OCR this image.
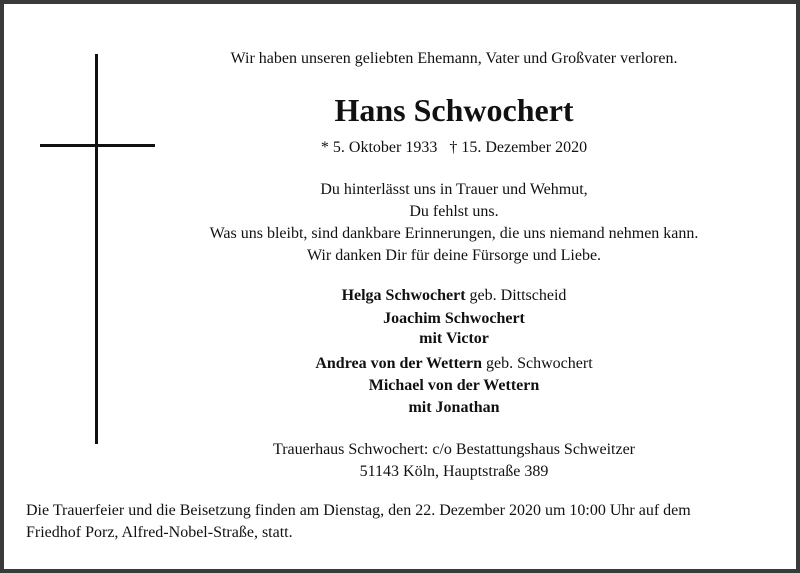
Wir haben unseren geliebten Ehemann, Vater und Großvater verloren.
Hans Schwochert
* 5. Oktober 1933 † 15. Dezember 2020
Du hinterlässt uns in Trauer und Wehmut,
Du fehlst uns.
Was uns bleibt, sind dankbare Erinnerungen, die uns niemand nehmen kann.
Wir danken Dir für deine Fürsorge und Liebe.
Helga Schwochert geb. Dittscheid
Joachim Schwochert
mit Victor
Andrea von der Wettern geb. Schwochert
Michael von der Wettern
mit Jonathan
Trauerhaus Schwochert: c/o Bestattungshaus Schweitzer
51143 Köln, Hauptstraße 389
Die Trauerfeier und die Beisetzung finden am Dienstag, den 22. Dezember 2020 um 10:00 Uhr auf dem
Friedhof Porz, Alfred-Nobel-Straße, statt.
